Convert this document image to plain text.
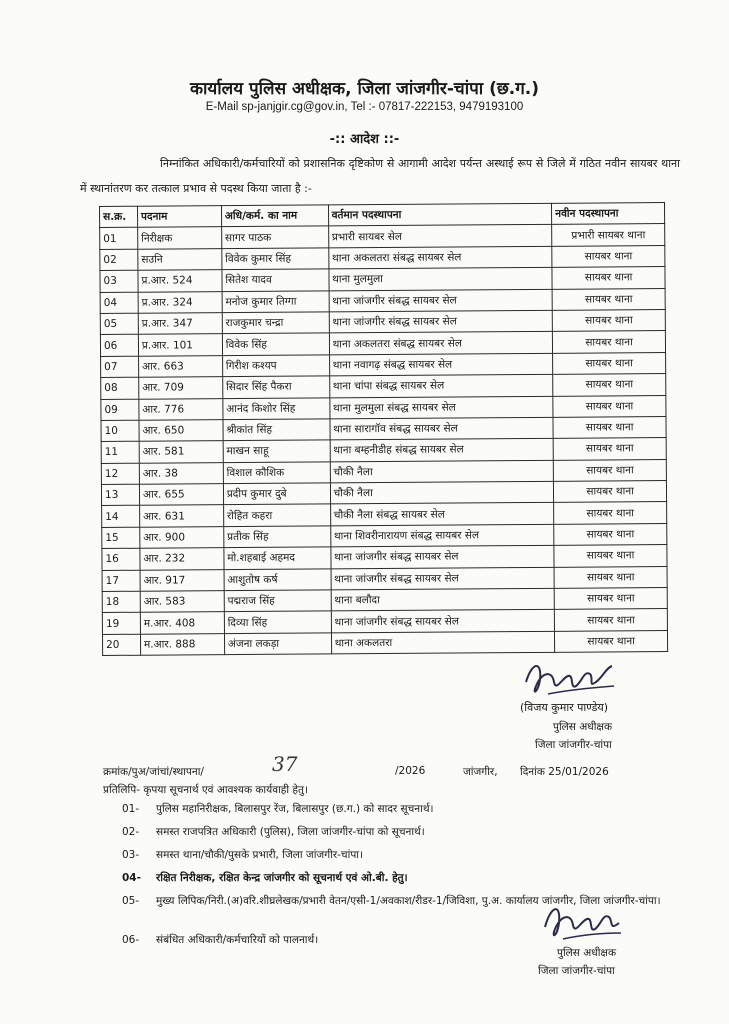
कार्यालय पुलिस अधीक्षक, जिला जांजगीर-चांपा (छ.ग.)
E-Mail sp-janjgir.cg@gov.in, Tel :- 07817-222153, 9479193100
-:: आदेश ::-
निम्नांकित अधिकारी/कर्मचारियों को प्रशासनिक दृष्टिकोण से आगामी आदेश पर्यन्त अस्थाई रूप से जिले में गठित नवीन सायबर थाना में स्थानांतरण कर तत्काल प्रभाव से पदस्थ किया जाता है :-
स.क्र.	पदनाम	अधि/कर्म. का नाम	वर्तमान पदस्थापना	नवीन पदस्थापना
01	निरीक्षक	सागर पाठक	प्रभारी सायबर सेल	प्रभारी सायबर थाना
02	सउनि	विवेक कुमार सिंह	थाना अकलतरा संबद्ध सायबर सेल	सायबर थाना
03	प्र.आर. 524	सितेश यादव	थाना मुलमुला	सायबर थाना
04	प्र.आर. 324	मनोज कुमार तिग्गा	थाना जांजगीर संबद्ध सायबर सेल	सायबर थाना
05	प्र.आर. 347	राजकुमार चन्द्रा	थाना जांजगीर संबद्ध सायबर सेल	सायबर थाना
06	प्र.आर. 101	विवेक सिंह	थाना अकलतरा संबद्ध सायबर सेल	सायबर थाना
07	आर. 663	गिरीश कश्यप	थाना नवागढ़ संबद्ध सायबर सेल	सायबर थाना
08	आर. 709	सिदार सिंह पैकरा	थाना चांपा संबद्ध सायबर सेल	सायबर थाना
09	आर. 776	आनंद किशोर सिंह	थाना मुलमुला संबद्ध सायबर सेल	सायबर थाना
10	आर. 650	श्रीकांत सिंह	थाना सारागॉव संबद्ध सायबर सेल	सायबर थाना
11	आर. 581	माखन साहू	थाना बम्हनीडीह संबद्ध सायबर सेल	सायबर थाना
12	आर. 38	विशाल कौशिक	चौकी नैला	सायबर थाना
13	आर. 655	प्रदीप कुमार दुबे	चौकी नैला	सायबर थाना
14	आर. 631	रोहित कहरा	चौकी नैला संबद्ध सायबर सेल	सायबर थाना
15	आर. 900	प्रतीक सिंह	थाना शिवरीनारायण संबद्ध सायबर सेल	सायबर थाना
16	आर. 232	मो.शहबाई अहमद	थाना जांजगीर संबद्ध सायबर सेल	सायबर थाना
17	आर. 917	आशुतोष कर्ष	थाना जांजगीर संबद्ध सायबर सेल	सायबर थाना
18	आर. 583	पद्मराज सिंह	थाना बलौदा	सायबर थाना
19	म.आर. 408	दिव्या सिंह	थाना जांजगीर संबद्ध सायबर सेल	सायबर थाना
20	म.आर. 888	अंजना लकड़ा	थाना अकलतरा	सायबर थाना
(विजय कुमार पाण्डेय)
पुलिस अधीक्षक
जिला जांजगीर-चांपा
क्रमांक/पुअ/जांचां/स्थापना/	37	/2026	जांजगीर, दिनांक 25/01/2026
प्रतिलिपि- कृपया सूचनार्थ एवं आवश्यक कार्यवाही हेतु।
01- पुलिस महानिरीक्षक, बिलासपुर रेंज, बिलासपुर (छ.ग.) को सादर सूचनार्थ।
02- समस्त राजपत्रित अधिकारी (पुलिस), जिला जांजगीर-चांपा को सूचनार्थ।
03- समस्त थाना/चौकी/पुसके प्रभारी, जिला जांजगीर-चांपा।
04- रक्षित निरीक्षक, रक्षित केन्द्र जांजगीर को सूचनार्थ एवं ओ.बी. हेतु।
05- मुख्य लिपिक/निरी.(अ)वरि.शीघ्रलेखक/प्रभारी वेतन/एसी-1/अवकाश/रीडर-1/जिविशा, पु.अ. कार्यालय जांजगीर, जिला जांजगीर-चांपा।
06- संबंधित अधिकारी/कर्मचारियों को पालनार्थ।
पुलिस अधीक्षक
जिला जांजगीर-चांपा
